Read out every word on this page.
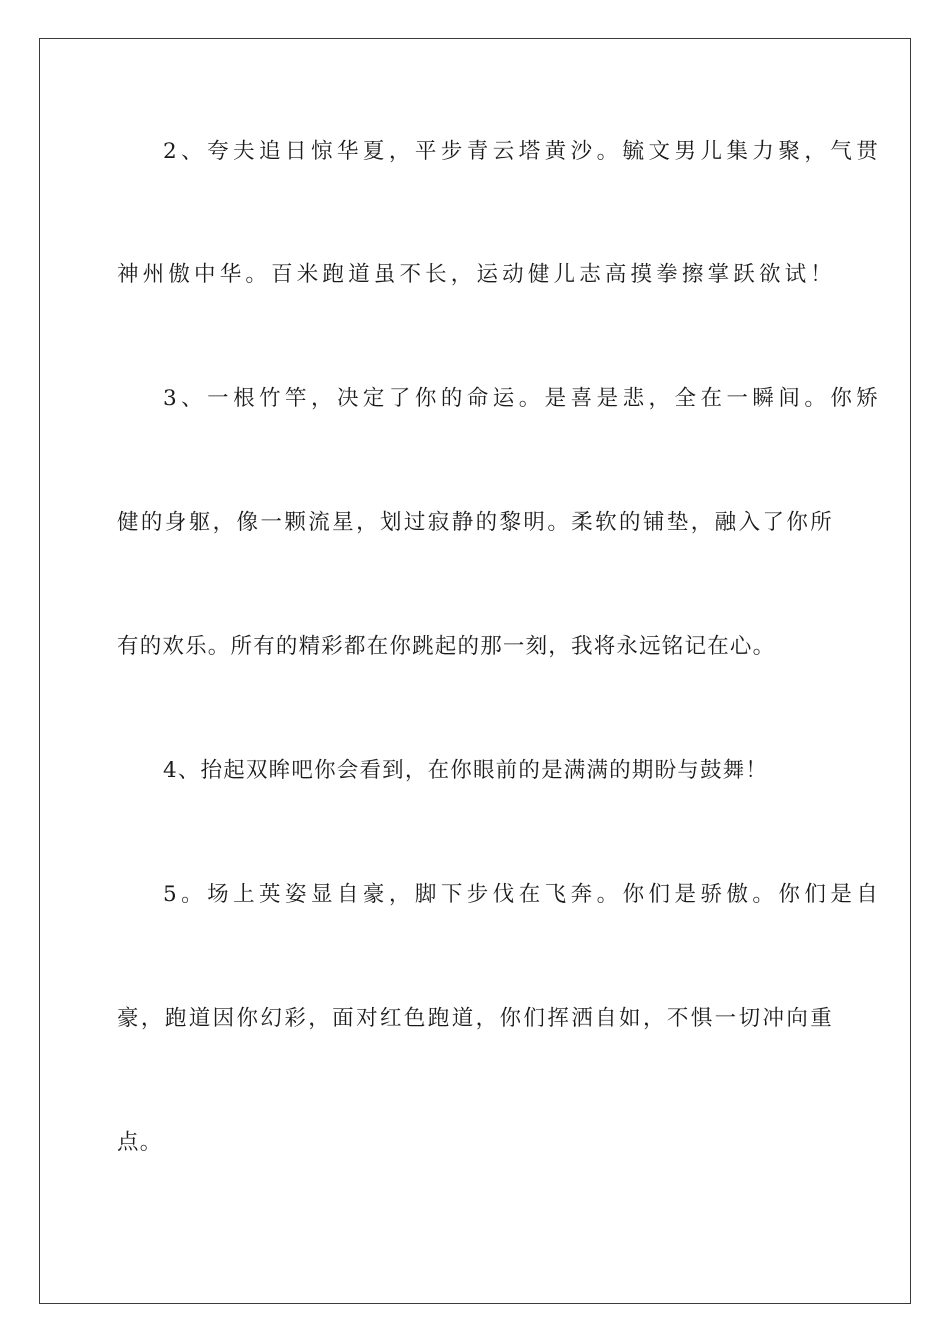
2、夸夫追日惊华夏，平步青云塔黄沙。毓文男儿集力聚，气贯
神州傲中华。百米跑道虽不长，运动健儿志高摸拳擦掌跃欲试！
3、一根竹竿，决定了你的命运。是喜是悲，全在一瞬间。你矫
健的身躯，像一颗流星，划过寂静的黎明。柔软的铺垫，融入了你所
有的欢乐。所有的精彩都在你跳起的那一刻，我将永远铭记在心。
4、抬起双眸吧你会看到，在你眼前的是满满的期盼与鼓舞！
5。场上英姿显自豪，脚下步伐在飞奔。你们是骄傲。你们是自
豪，跑道因你幻彩，面对红色跑道，你们挥洒自如，不惧一切冲向重
点。
